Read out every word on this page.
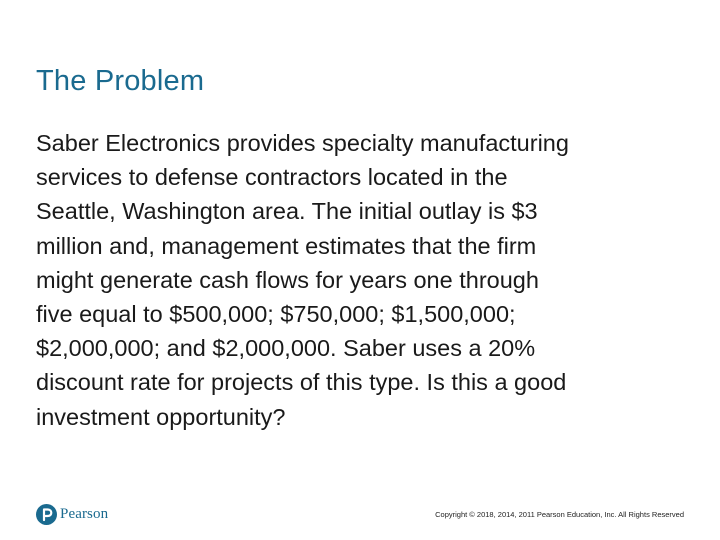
The Problem
Saber Electronics provides specialty manufacturing
services to defense contractors located in the
Seattle, Washington area. The initial outlay is $3
million and, management estimates that the firm
might generate cash flows for years one through
five equal to $500,000; $750,000; $1,500,000;
$2,000,000; and $2,000,000. Saber uses a 20%
discount rate for projects of this type. Is this a good
investment opportunity?
Pearson	Copyright © 2018, 2014, 2011 Pearson Education, Inc. All Rights Reserved
